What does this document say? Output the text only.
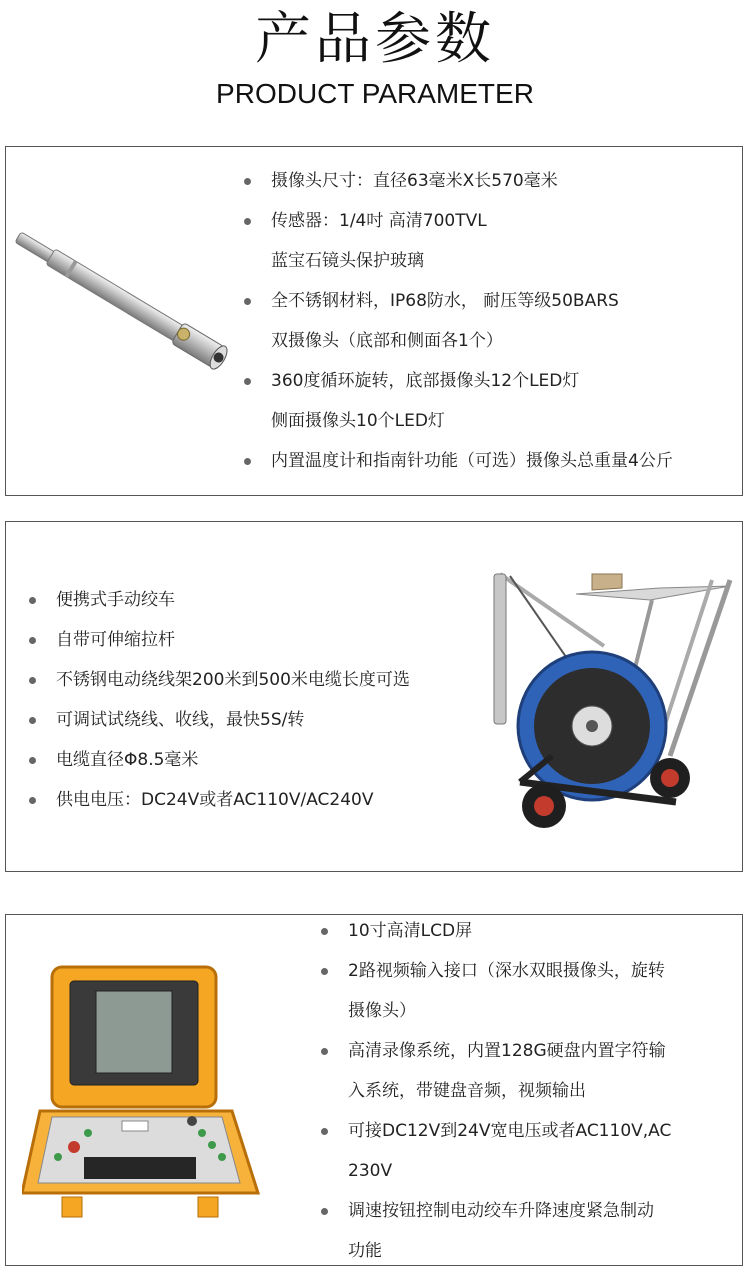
产品参数
PRODUCT PARAMETER
摄像头尺寸：直径63毫米X长570毫米
传感器：1/4吋 高清700TVL
蓝宝石镜头保护玻璃
全不锈钢材料，IP68防水， 耐压等级50BARS
双摄像头（底部和侧面各1个）
360度循环旋转，底部摄像头12个LED灯
侧面摄像头10个LED灯
内置温度计和指南针功能（可选）摄像头总重量4公斤
便携式手动绞车
自带可伸缩拉杆
不锈钢电动绕线架200米到500米电缆长度可选
可调试试绕线、收线，最快5S/转
电缆直径Φ8.5毫米
供电电压：DC24V或者AC110V/AC240V
10寸高清LCD屏
2路视频输入接口（深水双眼摄像头，旋转
摄像头）
高清录像系统，内置128G硬盘内置字符输
入系统，带键盘音频，视频输出
可接DC12V到24V宽电压或者AC110V,AC
230V
调速按钮控制电动绞车升降速度紧急制动
功能
